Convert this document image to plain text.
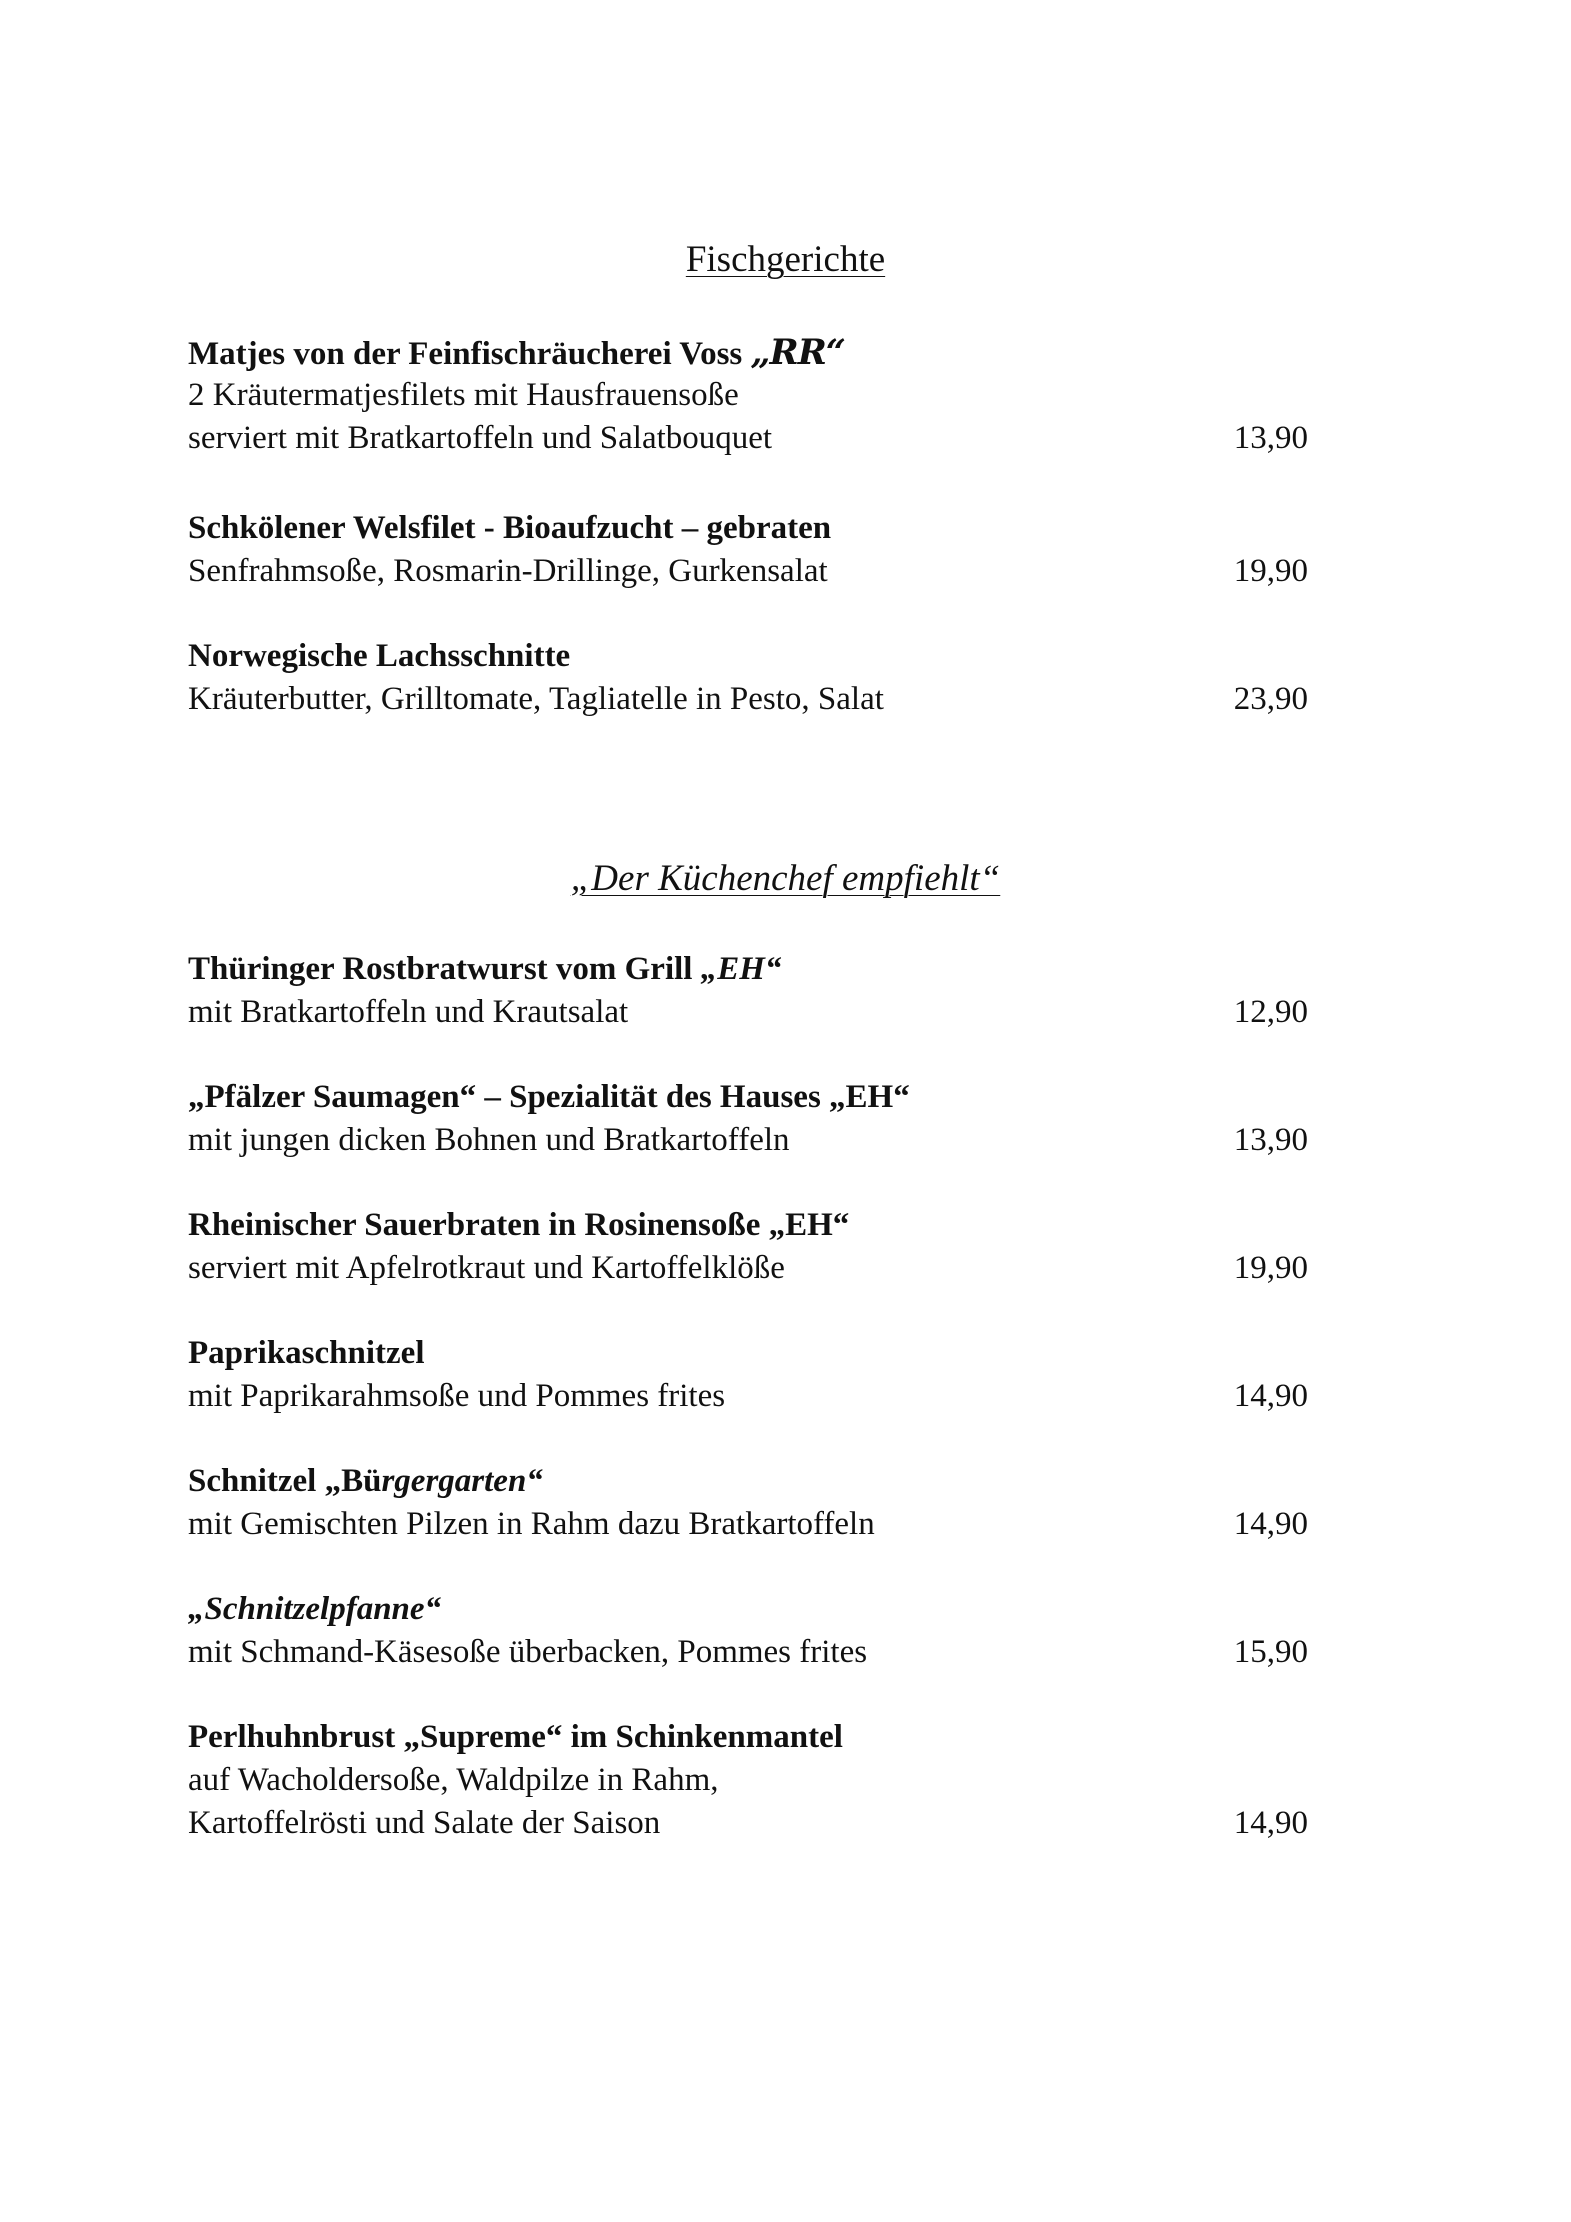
Fischgerichte
Matjes von der Feinfischräucherei Voss „RR“
2 Kräutermatjesfilets mit Hausfrauensoße
serviert mit Bratkartoffeln und Salatbouquet	13,90
Schkölener Welsfilet - Bioaufzucht – gebraten
Senfrahmsoße, Rosmarin-Drillinge, Gurkensalat	19,90
Norwegische Lachsschnitte
Kräuterbutter, Grilltomate, Tagliatelle in Pesto, Salat	23,90
„Der Küchenchef empfiehlt“
Thüringer Rostbratwurst vom Grill „EH“
mit Bratkartoffeln und Krautsalat	12,90
„Pfälzer Saumagen“ – Spezialität des Hauses „EH“
mit jungen dicken Bohnen und Bratkartoffeln	13,90
Rheinischer Sauerbraten in Rosinensoße „EH“
serviert mit Apfelrotkraut und Kartoffelklöße	19,90
Paprikaschnitzel
mit Paprikarahmsoße und Pommes frites	14,90
Schnitzel „Bürgergarten“
mit Gemischten Pilzen in Rahm dazu Bratkartoffeln	14,90
„Schnitzelpfanne“
mit Schmand-Käsesoße überbacken, Pommes frites	15,90
Perlhuhnbrust „Supreme“ im Schinkenmantel
auf Wacholdersoße, Waldpilze in Rahm,
Kartoffelrösti und Salate der Saison	14,90
